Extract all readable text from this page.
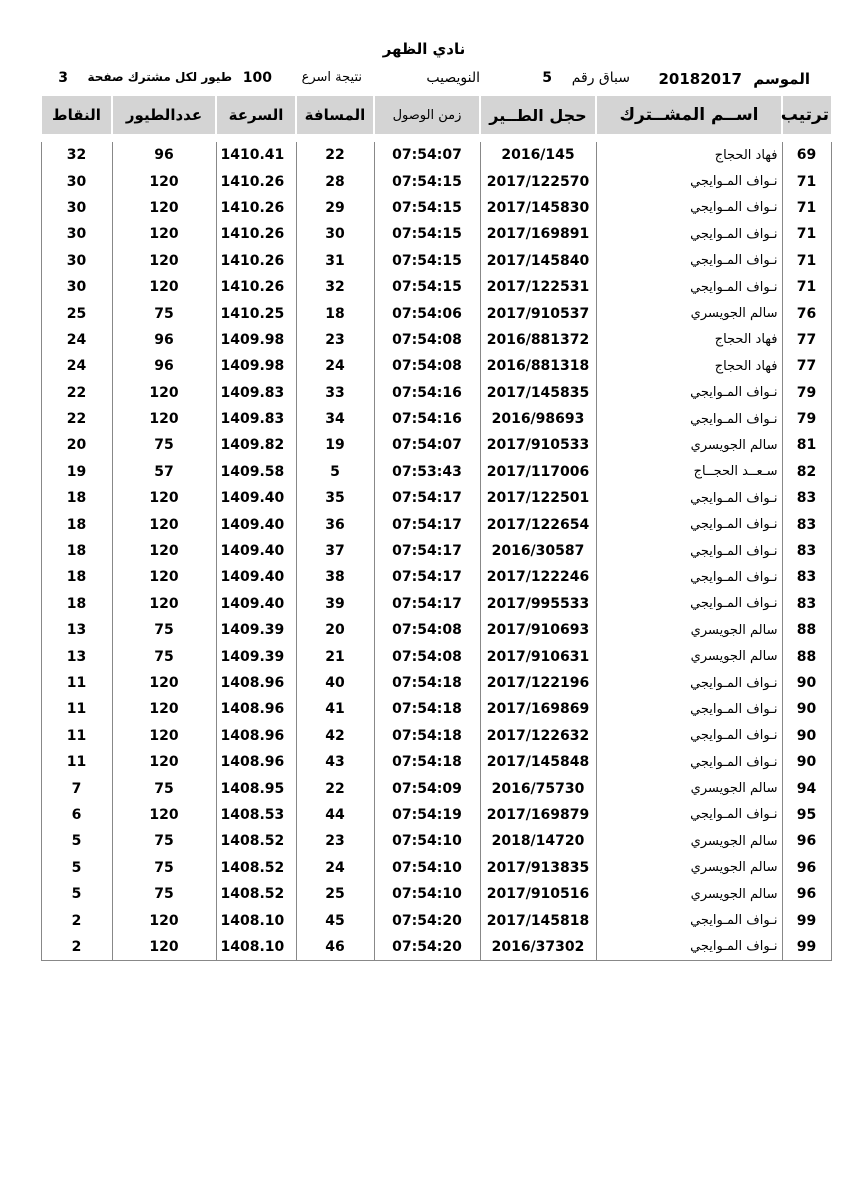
نادي الظهر
الموسم
20182017
سباق رقم
5
النويصيب
نتيجة اسرع
100
طيور لكل مشترك صفحة
3
ترتيب	اســم المشــترك	حجل الطــير	زمن الوصول	المسافة	السرعة	عددالطيور	النقاط

69	فهاد الحجاج	2016/145	07:54:07	22	1410.41	96	32
71	نـواف المـوايجي	2017/122570	07:54:15	28	1410.26	120	30
71	نـواف المـوايجي	2017/145830	07:54:15	29	1410.26	120	30
71	نـواف المـوايجي	2017/169891	07:54:15	30	1410.26	120	30
71	نـواف المـوايجي	2017/145840	07:54:15	31	1410.26	120	30
71	نـواف المـوايجي	2017/122531	07:54:15	32	1410.26	120	30
76	سالم الجويسري	2017/910537	07:54:06	18	1410.25	75	25
77	فهاد الحجاج	2016/881372	07:54:08	23	1409.98	96	24
77	فهاد الحجاج	2016/881318	07:54:08	24	1409.98	96	24
79	نـواف المـوايجي	2017/145835	07:54:16	33	1409.83	120	22
79	نـواف المـوايجي	2016/98693	07:54:16	34	1409.83	120	22
81	سالم الجويسري	2017/910533	07:54:07	19	1409.82	75	20
82	سـعــد الحجــاج	2017/117006	07:53:43	5	1409.58	57	19
83	نـواف المـوايجي	2017/122501	07:54:17	35	1409.40	120	18
83	نـواف المـوايجي	2017/122654	07:54:17	36	1409.40	120	18
83	نـواف المـوايجي	2016/30587	07:54:17	37	1409.40	120	18
83	نـواف المـوايجي	2017/122246	07:54:17	38	1409.40	120	18
83	نـواف المـوايجي	2017/995533	07:54:17	39	1409.40	120	18
88	سالم الجويسري	2017/910693	07:54:08	20	1409.39	75	13
88	سالم الجويسري	2017/910631	07:54:08	21	1409.39	75	13
90	نـواف المـوايجي	2017/122196	07:54:18	40	1408.96	120	11
90	نـواف المـوايجي	2017/169869	07:54:18	41	1408.96	120	11
90	نـواف المـوايجي	2017/122632	07:54:18	42	1408.96	120	11
90	نـواف المـوايجي	2017/145848	07:54:18	43	1408.96	120	11
94	سالم الجويسري	2016/75730	07:54:09	22	1408.95	75	7
95	نـواف المـوايجي	2017/169879	07:54:19	44	1408.53	120	6
96	سالم الجويسري	2018/14720	07:54:10	23	1408.52	75	5
96	سالم الجويسري	2017/913835	07:54:10	24	1408.52	75	5
96	سالم الجويسري	2017/910516	07:54:10	25	1408.52	75	5
99	نـواف المـوايجي	2017/145818	07:54:20	45	1408.10	120	2
99	نـواف المـوايجي	2016/37302	07:54:20	46	1408.10	120	2
